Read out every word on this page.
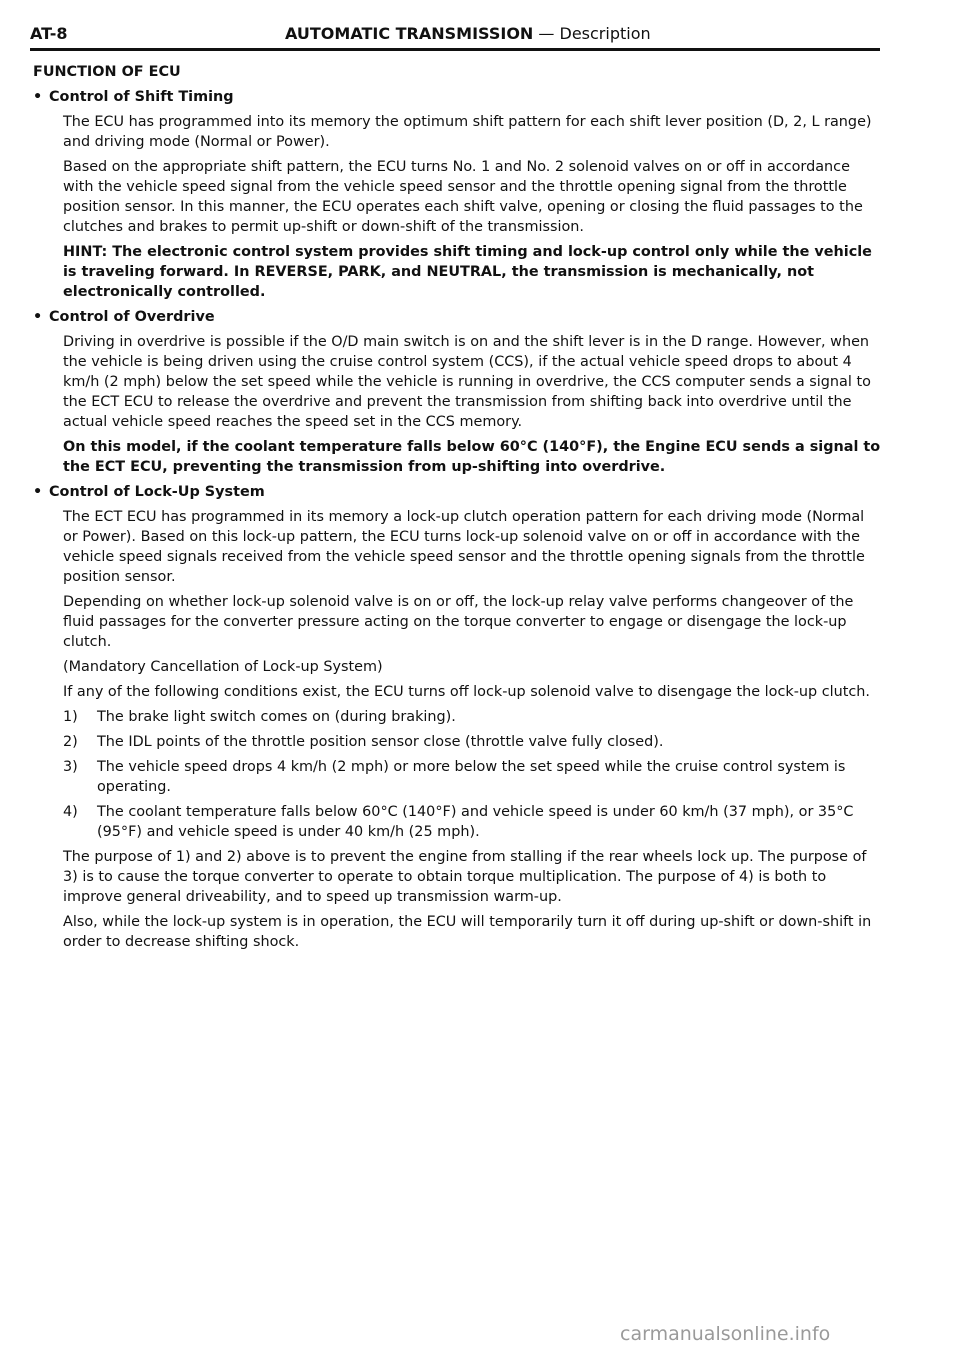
AT-8	AUTOMATIC TRANSMISSION — Description
FUNCTION OF ECU
• Control of Shift Timing

The ECU has programmed into its memory the optimum shift pattern for each shift lever position (D, 2, L range) and driving mode (Normal or Power).

Based on the appropriate shift pattern, the ECU turns No. 1 and No. 2 solenoid valves on or off in accordance with the vehicle speed signal from the vehicle speed sensor and the throttle opening signal from the throttle position sensor. In this manner, the ECU operates each shift valve, opening or closing the fluid passages to the clutches and brakes to permit up-shift or down-shift of the transmission.

HINT: The electronic control system provides shift timing and lock-up control only while the vehicle is traveling forward. In REVERSE, PARK, and NEUTRAL, the transmission is mechanically, not electronically controlled.

• Control of Overdrive

Driving in overdrive is possible if the O/D main switch is on and the shift lever is in the D range. However, when the vehicle is being driven using the cruise control system (CCS), if the actual vehicle speed drops to about 4 km/h (2 mph) below the set speed while the vehicle is running in overdrive, the CCS computer sends a signal to the ECT ECU to release the overdrive and prevent the transmission from shifting back into overdrive until the actual vehicle speed reaches the speed set in the CCS memory.

On this model, if the coolant temperature falls below 60°C (140°F), the Engine ECU sends a signal to the ECT ECU, preventing the transmission from up-shifting into overdrive.

• Control of Lock-Up System

The ECT ECU has programmed in its memory a lock-up clutch operation pattern for each driving mode (Normal or Power). Based on this lock-up pattern, the ECU turns lock-up solenoid valve on or off in accordance with the vehicle speed signals received from the vehicle speed sensor and the throttle opening signals from the throttle position sensor.

Depending on whether lock-up solenoid valve is on or off, the lock-up relay valve performs changeover of the fluid passages for the converter pressure acting on the torque converter to engage or disengage the lock-up clutch.

(Mandatory Cancellation of Lock-up System)

If any of the following conditions exist, the ECU turns off lock-up solenoid valve to disengage the lock-up clutch.

1) The brake light switch comes on (during braking).
2) The IDL points of the throttle position sensor close (throttle valve fully closed).
3) The vehicle speed drops 4 km/h (2 mph) or more below the set speed while the cruise control system is operating.
4) The coolant temperature falls below 60°C (140°F) and vehicle speed is under 60 km/h (37 mph), or 35°C (95°F) and vehicle speed is under 40 km/h (25 mph).

The purpose of 1) and 2) above is to prevent the engine from stalling if the rear wheels lock up. The purpose of 3) is to cause the torque converter to operate to obtain torque multiplication. The purpose of 4) is both to improve general driveability, and to speed up transmission warm-up.

Also, while the lock-up system is in operation, the ECU will temporarily turn it off during up-shift or down-shift in order to decrease shifting shock.

carmanualsonline.info
